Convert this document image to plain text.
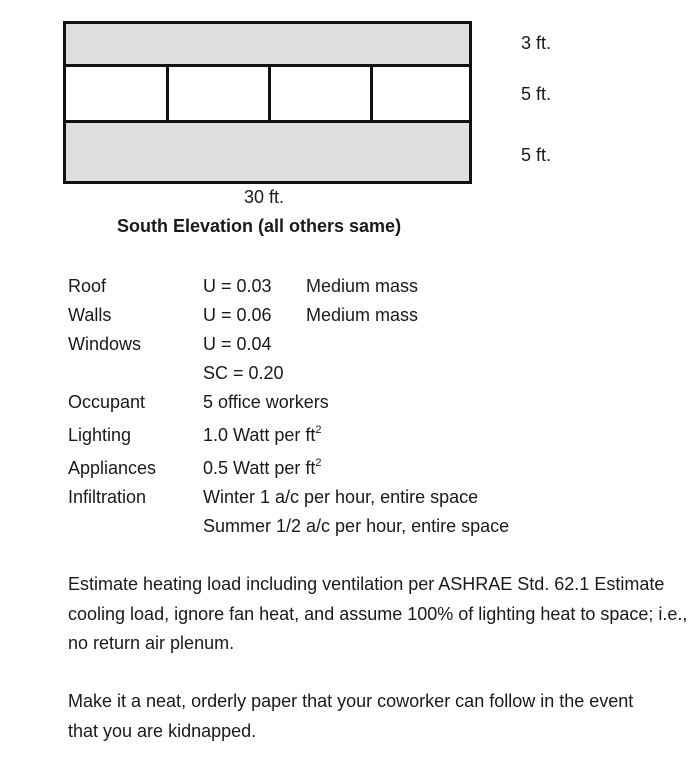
3 ft.
5 ft.
5 ft.
30 ft.
South Elevation (all others same)
Roof	U = 0.03 Medium mass
Walls	U = 0.06 Medium mass
Windows	U = 0.04
SC = 0.20
Occupant	5 office workers
Lighting	1.0 Watt per $ft^2$
Appliances	0.5 Watt per $ft^2$
Infiltration	Winter 1 a/c per hour, entire space
Summer 1/2 a/c per hour, entire space
Estimate heating load including ventilation per ASHRAE Std. 62.1 Estimate cooling load, ignore fan heat, and assume 100% of lighting heat to space; i.e., no return air plenum.
Make it a neat, orderly paper that your coworker can follow in the event that you are kidnapped.
